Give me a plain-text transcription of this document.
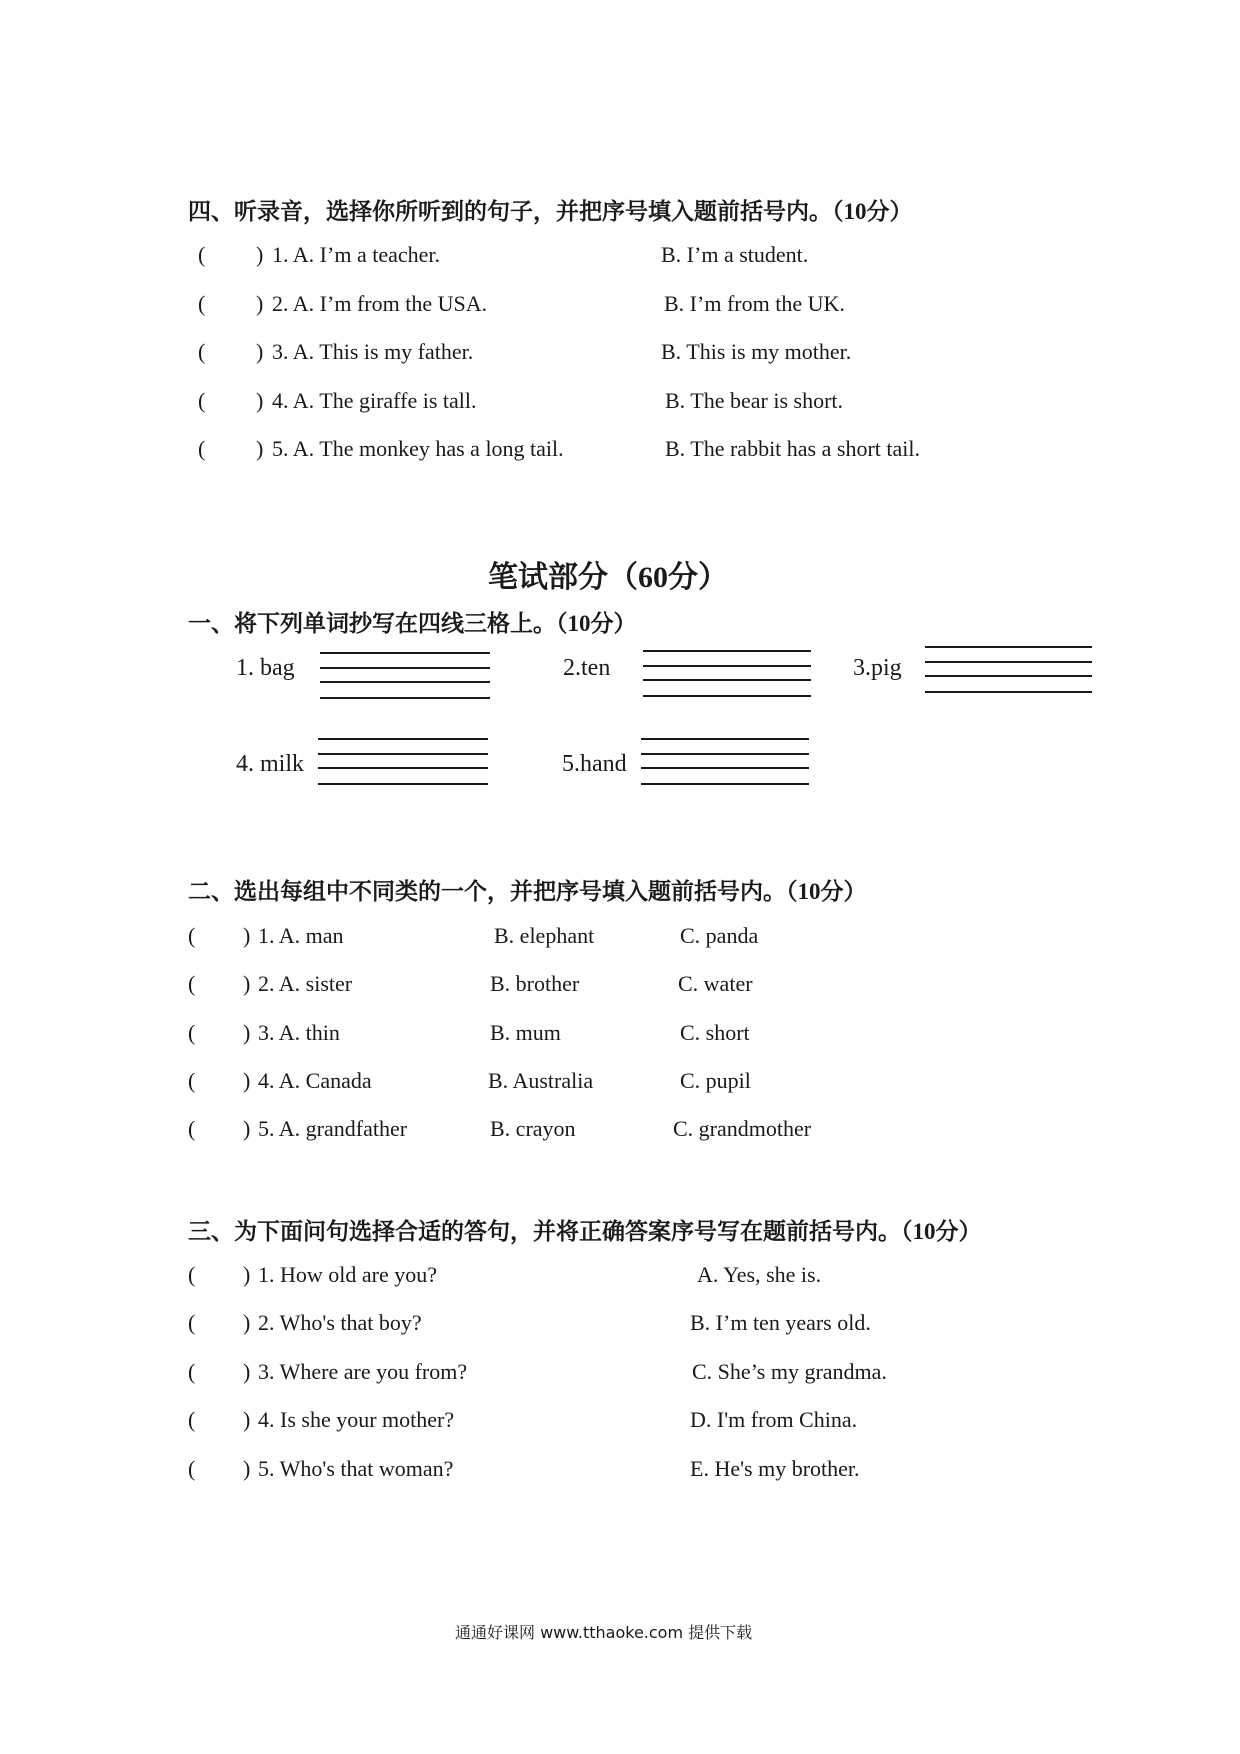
四、听录音，选择你所听到的句子，并把序号填入题前括号内。（10分）
( ) 1. A. I’m a teacher.	B. I’m a student.
( ) 2. A. I’m from the USA.	B. I’m from the UK.
( ) 3. A. This is my father.	B. This is my mother.
( ) 4. A. The giraffe is tall.	B. The bear is short.
( ) 5. A. The monkey has a long tail.	B. The rabbit has a short tail.
笔试部分（60分）
一、将下列单词抄写在四线三格上。（10分）
1. bag	2.ten	3.pig
4. milk	5.hand
二、选出每组中不同类的一个，并把序号填入题前括号内。（10分）
( ) 1. A. man	B. elephant	C. panda
( ) 2. A. sister	B. brother	C. water
( ) 3. A. thin	B. mum	C. short
( ) 4. A. Canada	B. Australia	C. pupil
( ) 5. A. grandfather	B. crayon	C. grandmother
三、为下面问句选择合适的答句，并将正确答案序号写在题前括号内。（10分）
( ) 1. How old are you?	A. Yes, she is.
( ) 2. Who's that boy?	B. I’m ten years old.
( ) 3. Where are you from?	C. She’s my grandma.
( ) 4. Is she your mother?	D. I'm from China.
( ) 5. Who's that woman?	E. He's my brother.
通通好课网 www.tthaoke.com 提供下载
